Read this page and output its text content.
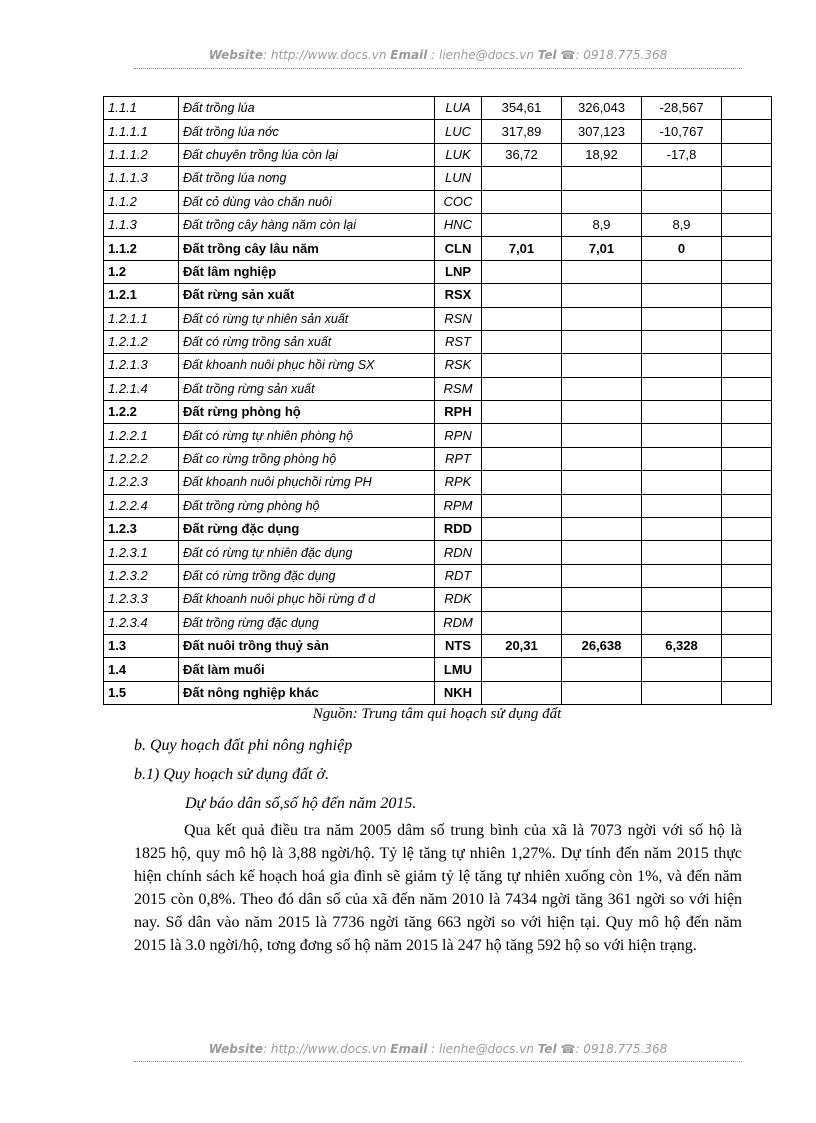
Website: http://www.docs.vn Email : lienhe@docs.vn Tel ☎: 0918.775.368
1.1.1	Đất trồng lúa	LUA	354,61	326,043	-28,567	
1.1.1.1	Đất trồng lúa nớc	LUC	317,89	307,123	-10,767	
1.1.1.2	Đất chuyên trồng lúa còn lại	LUK	36,72	18,92	-17,8	
1.1.1.3	Đất trồng lúa nơng	LUN				
1.1.2	Đất cỏ dùng vào chăn nuôi	COC				
1.1.3	Đất trồng cây hàng năm còn lại	HNC		8,9	8,9	
1.1.2	Đất trồng cây lâu năm	CLN	7,01	7,01	0	
1.2	Đất lâm nghiệp	LNP				
1.2.1	Đất rừng sản xuất	RSX				
1.2.1.1	Đất có rừng tự nhiên sản xuất	RSN				
1.2.1.2	Đất có rừng trồng sản xuất	RST				
1.2.1.3	Đất khoanh nuôi phục hồi rừng SX	RSK				
1.2.1.4	Đất trồng rừng sản xuất	RSM				
1.2.2	Đất rừng phòng hộ	RPH				
1.2.2.1	Đất có rừng tự nhiên phòng hộ	RPN				
1.2.2.2	Đất co rừng trồng phòng hộ	RPT				
1.2.2.3	Đất khoanh nuôi phụchồi rừng PH	RPK				
1.2.2.4	Đất trồng rừng phòng hộ	RPM				
1.2.3	Đất rừng đặc dụng	RDD				
1.2.3.1	Đất có rừng tự nhiên đặc dụng	RDN				
1.2.3.2	Đất có rừng trồng đặc dụng	RDT				
1.2.3.3	Đất khoanh nuôi phục hồi rừng đ d	RDK				
1.2.3.4	Đất trồng rừng đặc dụng	RDM				
1.3	Đất nuôi trồng thuỷ sản	NTS	20,31	26,638	6,328	
1.4	Đất làm muối	LMU				
1.5	Đất nông nghiệp khác	NKH				
Nguồn: Trung tâm qui hoạch sử dụng đất
b. Quy hoạch đất phi nông nghiệp
b.1) Quy hoạch sử dụng đất ở.
Dự báo dân số,số hộ đến năm 2015.

Qua kết quả điều tra năm 2005 dâm số trung bình của xã là 7073 ngời với số hộ là 1825 hộ, quy mô hộ là 3,88 ngời/hộ. Tỷ lệ tăng tự nhiên 1,27%. Dự tính đến năm 2015 thực hiện chính sách kế hoạch hoá gia đình sẽ giảm tỷ lệ tăng tự nhiên xuống còn 1%, và đến năm 2015 còn 0,8%. Theo đó dân số của xã đến năm 2010 là 7434 ngời tăng 361 ngời so với hiện nay. Số dân vào năm 2015 là 7736 ngời tăng 663 ngời so với hiện tại. Quy mô hộ đến năm 2015 là 3.0 ngời/hộ, tơng đơng số hộ năm 2015 là 247 hộ tăng 592 hộ so với hiện trạng.

Website: http://www.docs.vn Email : lienhe@docs.vn Tel ☎: 0918.775.368
